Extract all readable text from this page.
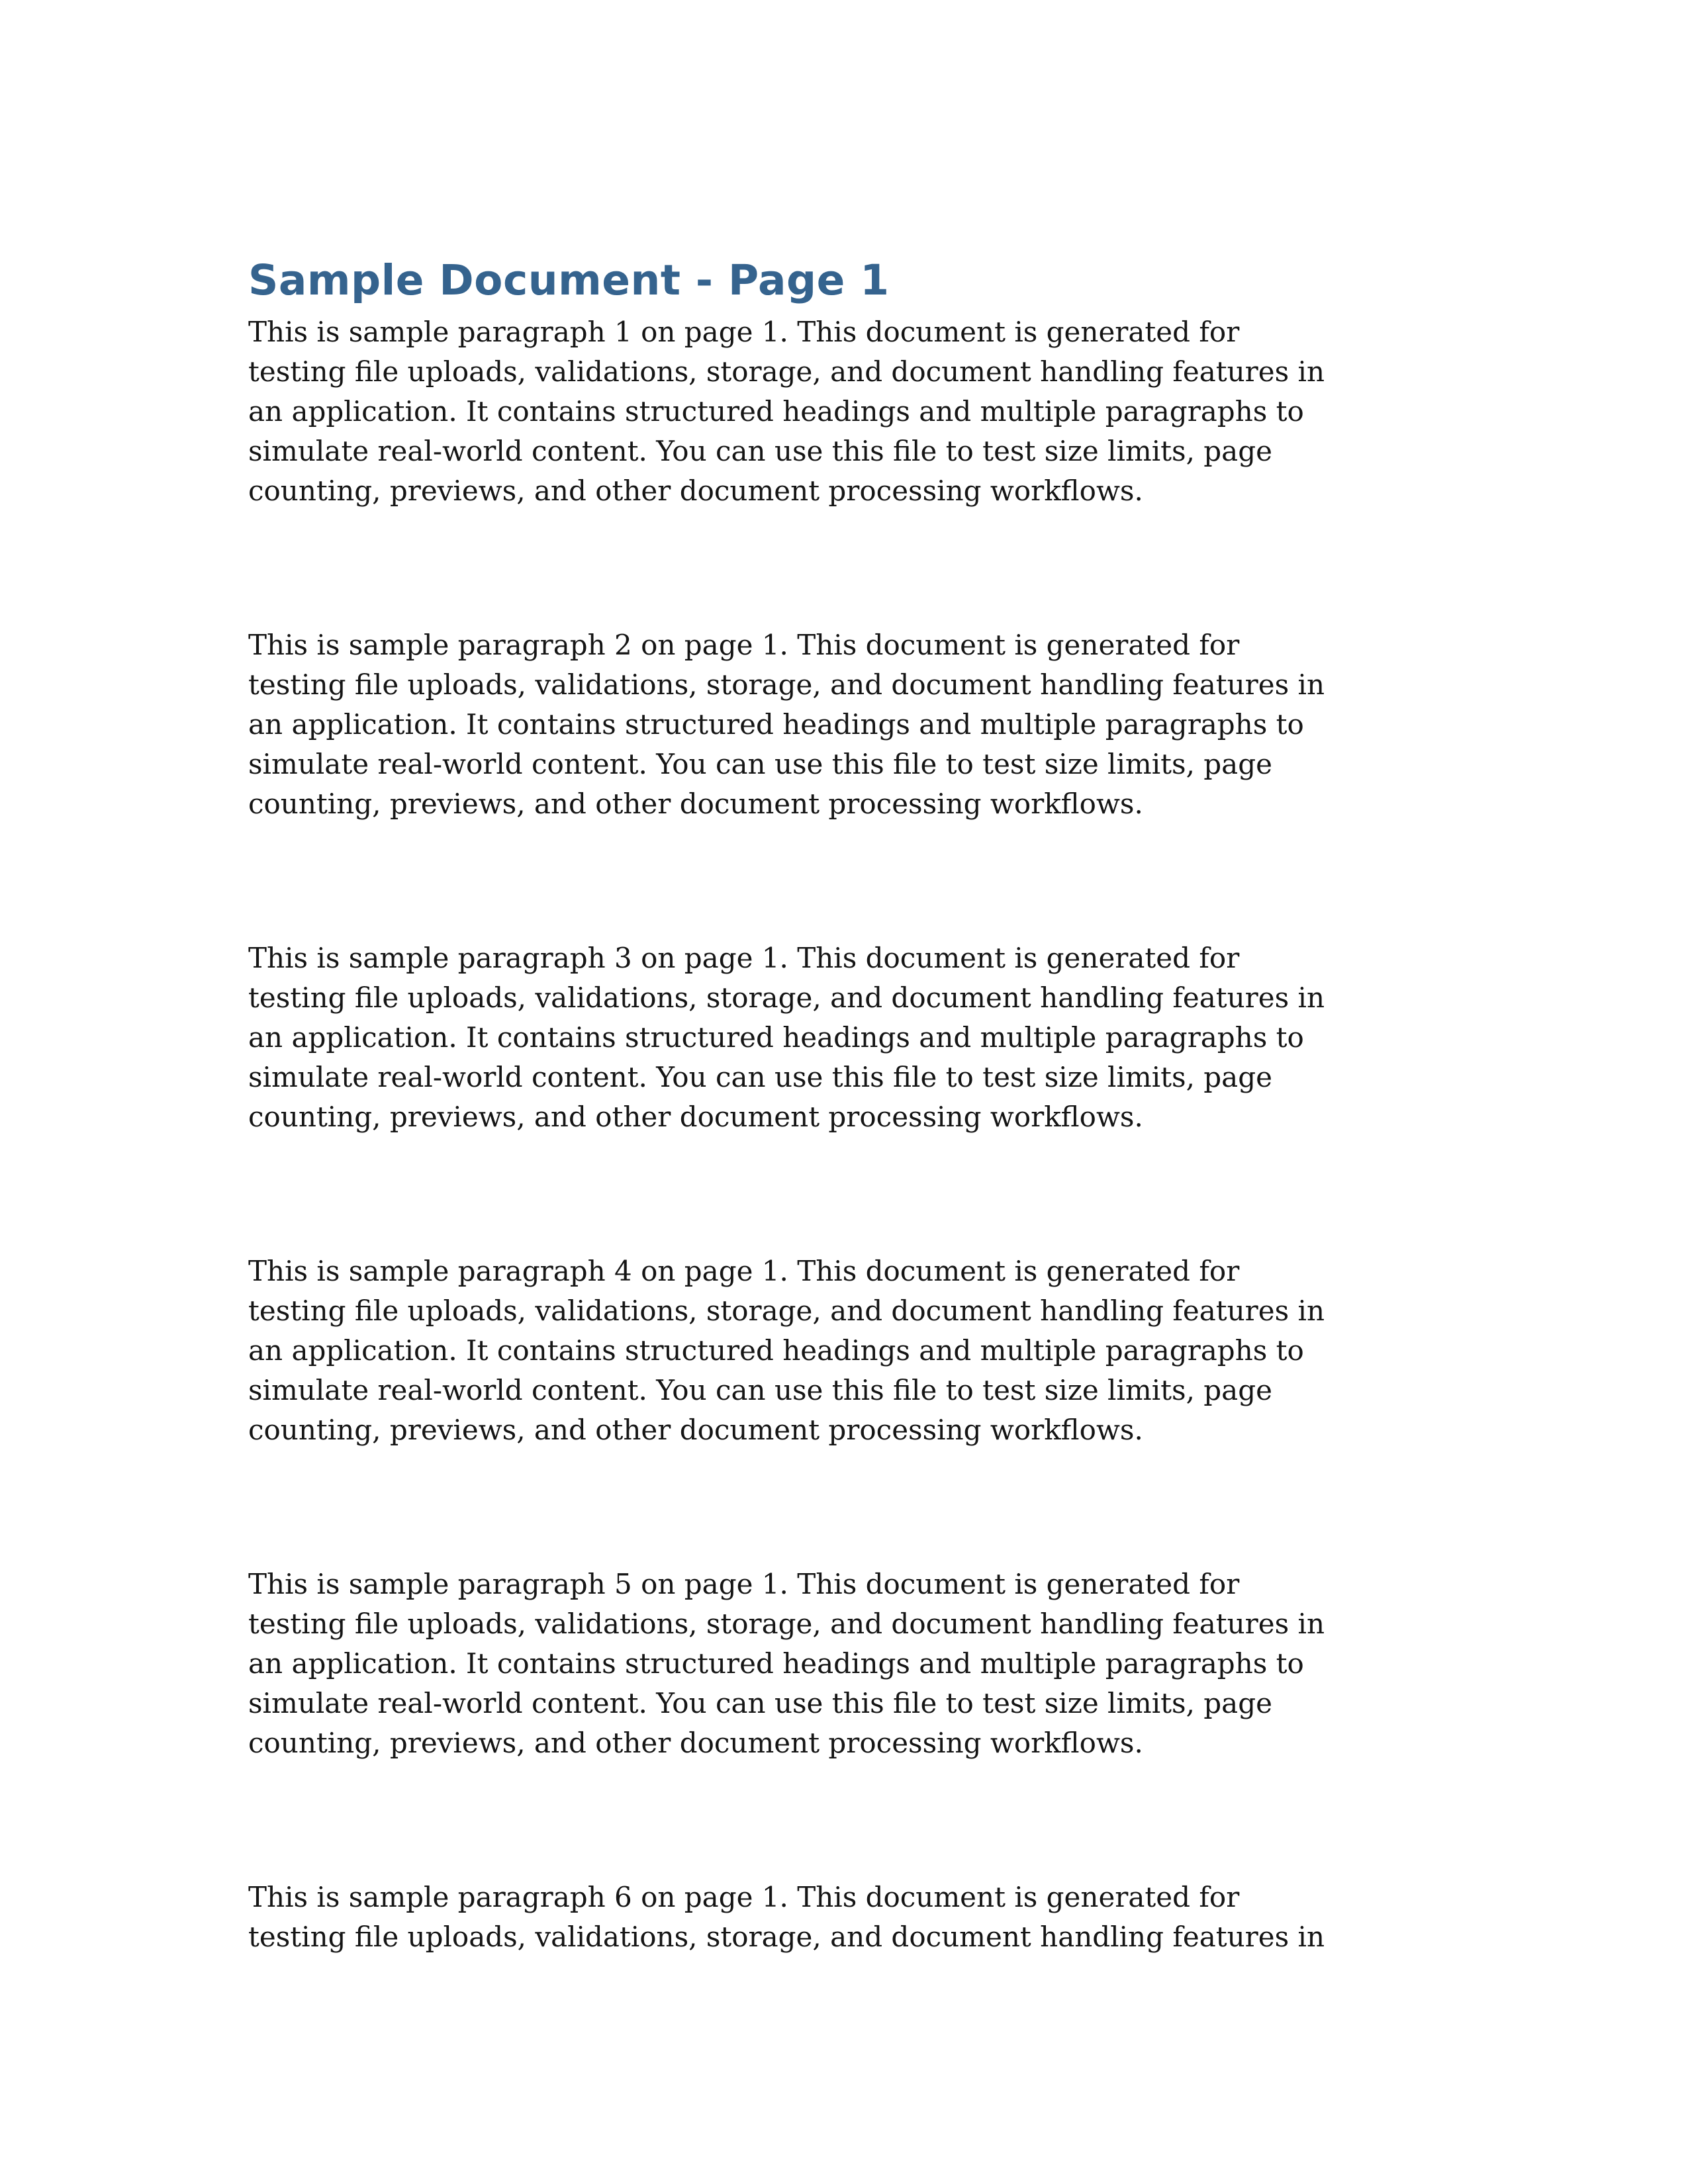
Sample Document - Page 1
This is sample paragraph 1 on page 1. This document is generated for
testing file uploads, validations, storage, and document handling features in
an application. It contains structured headings and multiple paragraphs to
simulate real-world content. You can use this file to test size limits, page
counting, previews, and other document processing workflows.
This is sample paragraph 2 on page 1. This document is generated for
testing file uploads, validations, storage, and document handling features in
an application. It contains structured headings and multiple paragraphs to
simulate real-world content. You can use this file to test size limits, page
counting, previews, and other document processing workflows.
This is sample paragraph 3 on page 1. This document is generated for
testing file uploads, validations, storage, and document handling features in
an application. It contains structured headings and multiple paragraphs to
simulate real-world content. You can use this file to test size limits, page
counting, previews, and other document processing workflows.
This is sample paragraph 4 on page 1. This document is generated for
testing file uploads, validations, storage, and document handling features in
an application. It contains structured headings and multiple paragraphs to
simulate real-world content. You can use this file to test size limits, page
counting, previews, and other document processing workflows.
This is sample paragraph 5 on page 1. This document is generated for
testing file uploads, validations, storage, and document handling features in
an application. It contains structured headings and multiple paragraphs to
simulate real-world content. You can use this file to test size limits, page
counting, previews, and other document processing workflows.
This is sample paragraph 6 on page 1. This document is generated for
testing file uploads, validations, storage, and document handling features in
